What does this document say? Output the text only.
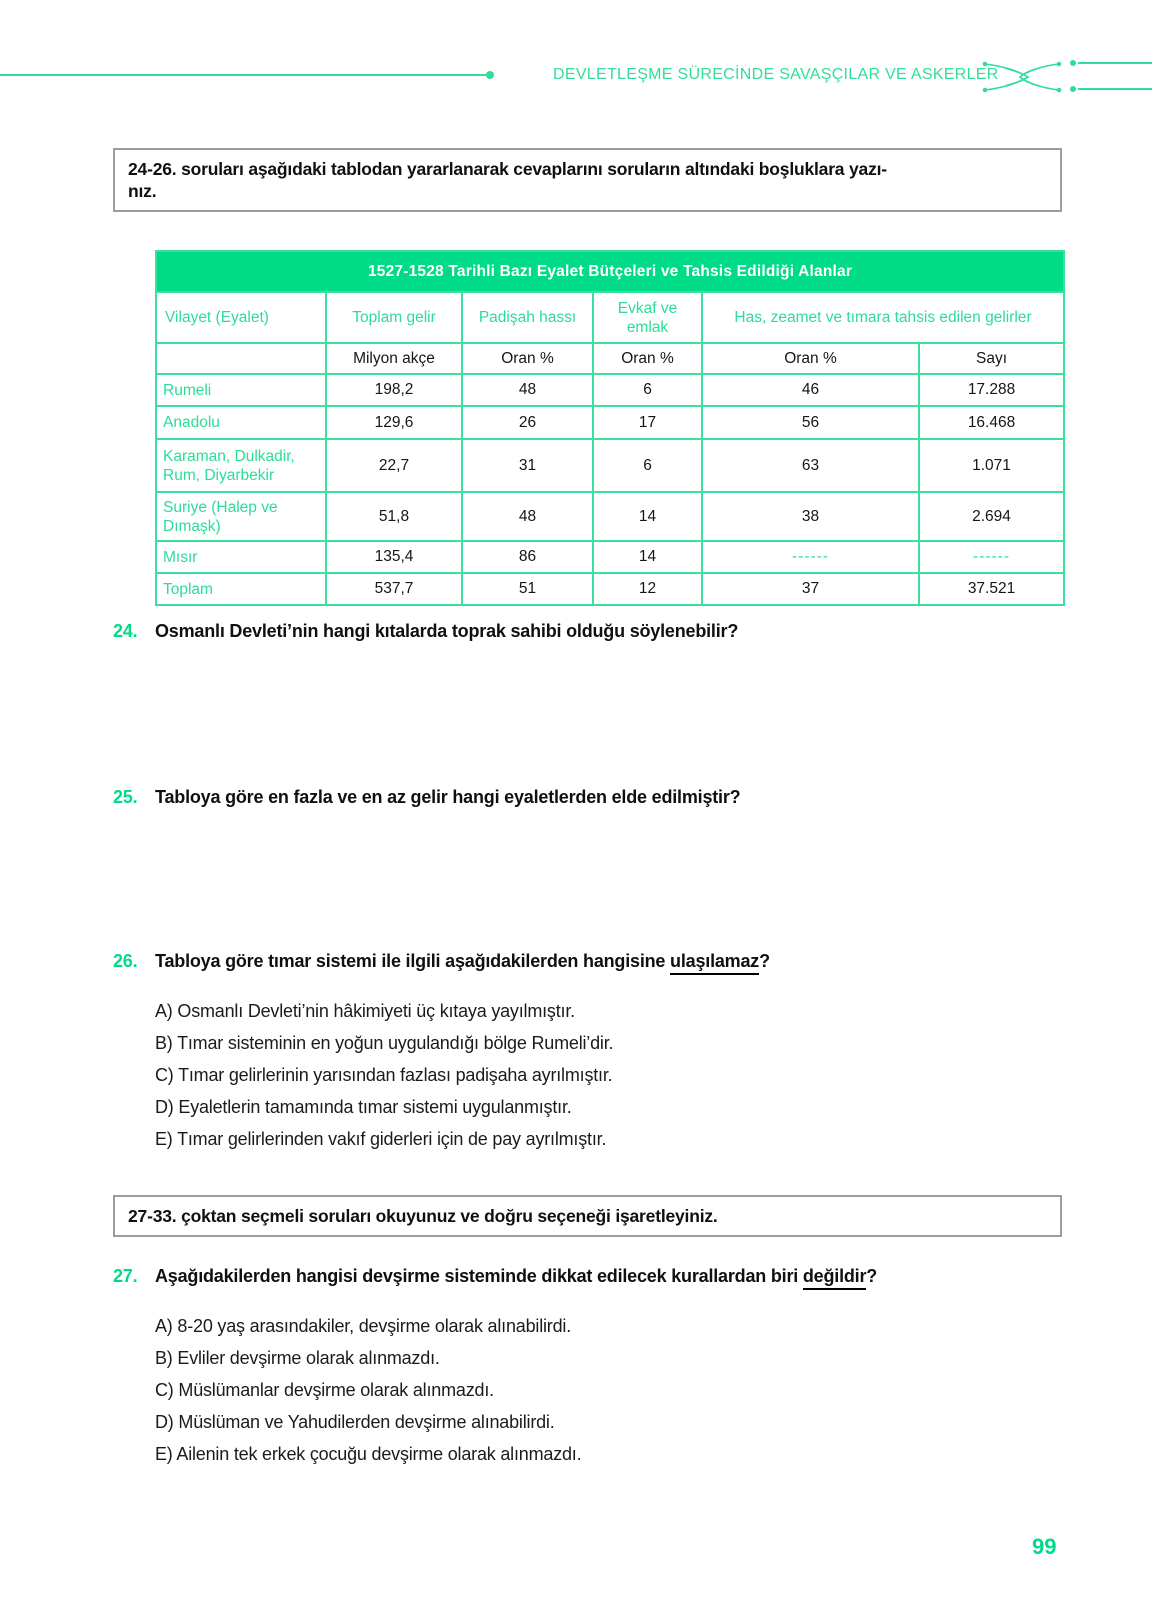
DEVLETLEŞME SÜRECİNDE SAVAŞÇILAR VE ASKERLER
24-26. soruları aşağıdaki tablodan yararlanarak cevaplarını soruların altındaki boşluklara yazı-
nız.
1527-1528 Tarihli Bazı Eyalet Bütçeleri ve Tahsis Edildiği Alanlar					
Vilayet (Eyalet)	Toplam gelir	Padişah hassı	Evkaf ve emlak	Has, zeamet ve tımara tahsis edilen gelirler	
	Milyon akçe	Oran %	Oran %	Oran %	Sayı
Rumeli	198,2	48	6	46	17.288
Anadolu	129,6	26	17	56	16.468
Karaman, Dulkadir, Rum, Diyarbekir	22,7	31	6	63	1.071
Suriye (Halep ve Dımaşk)	51,8	48	14	38	2.694
Mısır	135,4	86	14	------	------
Toplam	537,7	51	12	37	37.521
24. Osmanlı Devleti’nin hangi kıtalarda toprak sahibi olduğu söylenebilir?
25. Tabloya göre en fazla ve en az gelir hangi eyaletlerden elde edilmiştir?
26. Tabloya göre tımar sistemi ile ilgili aşağıdakilerden hangisine ulaşılamaz?
A) Osmanlı Devleti’nin hâkimiyeti üç kıtaya yayılmıştır.
B) Tımar sisteminin en yoğun uygulandığı bölge Rumeli’dir.
C) Tımar gelirlerinin yarısından fazlası padişaha ayrılmıştır.
D) Eyaletlerin tamamında tımar sistemi uygulanmıştır.
E) Tımar gelirlerinden vakıf giderleri için de pay ayrılmıştır.
27-33. çoktan seçmeli soruları okuyunuz ve doğru seçeneği işaretleyiniz.
27. Aşağıdakilerden hangisi devşirme sisteminde dikkat edilecek kurallardan biri değildir?
A) 8-20 yaş arasındakiler, devşirme olarak alınabilirdi.
B) Evliler devşirme olarak alınmazdı.
C) Müslümanlar devşirme olarak alınmazdı.
D) Müslüman ve Yahudilerden devşirme alınabilirdi.
E) Ailenin tek erkek çocuğu devşirme olarak alınmazdı.
99
